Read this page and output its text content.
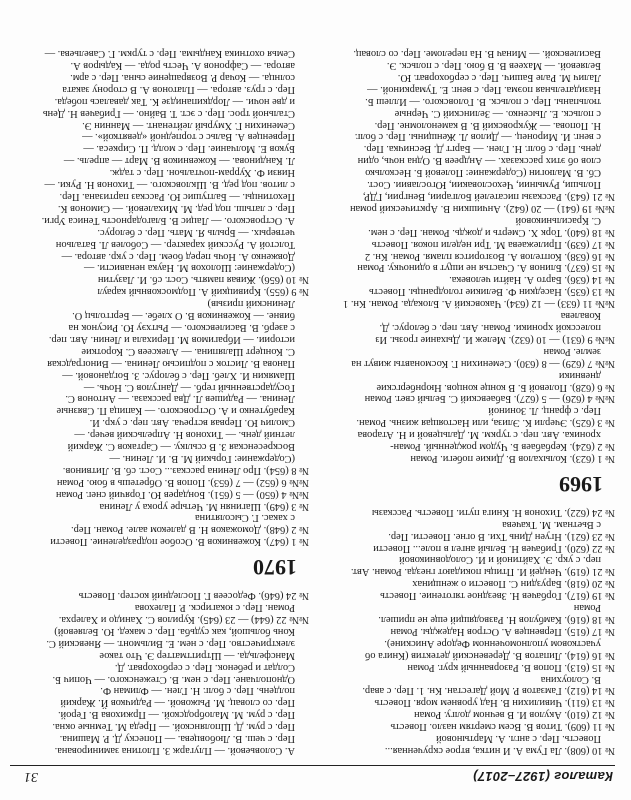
Каталог (1927–2017)
31
№ 10 (608). Ла Гума А. И нитка, втрое скрученная...
Повесть. Пер. с англ. А. Мартыновой
№ 11 (609). Титов В. Всем смертям назло. Повесть
№ 12 (610). Акулов И. В вечном долгу. Роман
№ 13 (611). Чивилихин В. Над уровнем моря. Повесть
№ 14 (612). Гамзатов Р. Мой Дагестан. Кн. 1. Пер. с авар.
В. Солоухина
№ 15 (613). Попов В. Разорванный круг. Роман
№ 16 (614). Липатов В. Деревенский детектив (Книга об
участковом уполномоченном Федоре Анискине).
№ 17 (615). Первенцев А. Остров Надежды. Роман
№ 18 (616). Камбулов Н. Разводящий еще не пришел.
Роман
№ 19 (617). Горбачев Н. Звездное тяготение. Повесть
№ 20 (618). Баруздин С. Повести о женщинах
№ 21 (619). Чендей И. Птицы покидают гнезда. Роман. Авт.
пер. с укр. Э. Хайтиной и И. Солодовниковой
№ 22 (620). Грибачев Н. Белый ангел в поле... Повести
№ 23 (621). Нгуен Динь Тхи. В огне. Повести. Пер.
с Вьетнам. М. Ткачева
№ 24 (622). Тихонов Н. Книга пути. Повесть. Рассказы
1969
№ 1 (623). Колыхалов В. Дикие побеги. Роман
№ 2 (624). Кербабаев Б. Чудом рожденный. Роман-
хроника. Авт. пер. с туркм. М. Дальцевой и Н. Атарова
№ 3 (625). Эчерли К. Элиза, или Настоящая жизнь. Роман.
Пер. с франц. Л. Зониной
№№ 4 (626) — 5 (627). Бабаевский С. Белый свет. Роман
№ 6 (628). Полевой Б. В конце концов. Нюрнбергские
дневники
№№ 7 (629) — 8 (630). Семенихин Г. Космонавты живут на
земле. Роман
№№ 9 (631) — 10 (632). Мележ И. Дыхание грозы. Из
полесской хроники. Роман. Авт. пер. с белорус. Д.
Ковалева
№№ 11 (633) — 12 (634). Чаковский А. Блокада. Роман. Кн. 1
№ 13 (635). Наседкин Ф. Великие голодранцы. Повесть
№ 14 (636). Барто А. Найти человека.
№ 15 (637). Блинов А. Счастья не ищут в одиночку. Роман
№ 16 (638). Коптелов А. Возгорится пламя. Роман. Кн. 2
№ 17 (639). Прилежаева М. Три недели покоя. Повесть
№ 18 (640). Торк Х. Смерть и дождь. Роман. Пер. с нем.
С. Красильниковой
№№ 19 (641) — 20 (642). Анчишкин В. Арктический роман
№ 21 (643). Рассказы писателей Болгарии, Венгрии, ГДР,
Польши, Румынии, Чехословакии, Югославии. Сост.
Сб. В. Малюгин (Содержание: Полевой Б. Несколько
слов об этих рассказах. — Андреев В. Одна ночь, один
день. Пер. с болг. Н. Глен. — Баргт Д. Весничка. Пер.
с венг. И. Миронец. — Дилов Л. Женщины. Пер. с болг.
Н. Попова. — Жукровский В. В каменоломне. Пер.
с польск. Е. Лысенко. — Зелинский С. Черные
тюльпаны. Пер. с польск. В. Головского. — Иллеш Б.
Назидательная поэма. Пер. с венг. Е. Тумаркиной. —
Лалич М. Рале Башич. Пер. с сербохорват. Ю.
Беляевой. — Махеев В. В бою. Пер. с польск. Э.
Василевской. — Минач В. На переломе. Пер. со словац.
А. Соловьевой. — Плугарж З. Плотина заминирована.
Пер. с чеш. В. Любовцева. — Попеску Д. Р. Машина.
Пер. с рум. Д. Шполянской. — Преда М. Темные окна.
Пер. с рум. М. Малобродской. — Пржихова В. Герой.
Пер. со словац. М. Рыжовой. — Радичков Й. Жаркий
полдень. Пер. с болг. Н. Глен. — Флиман Ф.
Однополчане. Пер. с нем. В. Стеженского. — Чопич Б.
Солдат и ребенок. Пер. с сербохорват. Д.
Мансфельда. — Штриттматтер Э. Что такое
электричество. Пер. с нем. Е. Вильмонт. — Яневский С.
Конь большой, как судьба. Пер. с макед. Ю. Беляевой)
№№ 22 (644) — 23 (645). Курилов С. Ханидо и Халерха.
Роман. Пер. с юкагирск. Р. Палехова
№ 24 (646). Федосеев Г. Последний костер. Повесть
1970
№ 1 (647). Кожевников В. Особое подразделение. Повести
№ 2 (648). Доможаков Н. В далеком аале. Роман. Пер.
с хакас. Г. Сысолятина
№ 3 (649). Шагинян М. Четыре урока у Ленина
№№ 4 (650) — 5 (651). Бондарев Ю. Горячий снег. Роман
№№ 6 (652) — 7 (653). Попов В. Обретешь в бою. Роман
№ 8 (654). Про Ленина рассказ... Сост. сб. В. Литвинов.
(Содержание: Горький М. В. И. Ленин. —
Воскресенская З. В ссылку. — Сартаков С. Жаркий
летний день. — Тихонов Н. Апрельский вечер. —
Смолич Ю. Первая встреча. Авт. пер. с укр. И.
Карабутенко и А. Островского. — Капица П. Связные
Ленина. — Радишев Л. Два рассказа. — Антонов С.
Государственный герб. — Дангулов С. Ночь. —
Шамякин И. Хлеб. Пер. с белорус. З. Богдановой. —
Панова В. Листок с подписью Ленина. — Виноградская
С. Концерт Шаляпина. — Алексеев С. Короткие
истории. — Ибрагимов М. Перихала и Ленин. Авт. пер.
с азерб. В. Василевского. — Рытхэу Ю. Рисунок на
бивне. — Кожевников В. О хлебе. — Берггольц О.
Ленинский призыв)
№ 9 (655). Кривицкий А. Подмосковный караул
№ 10 (656). Живая память. Сост. сб. И. Лазутин
(Содержание: Шолохов М. Наука ненависти. —
Довженко А. Ночь перед боем. Пер. с укр. автора. —
Толстой А. Русский характер. — Соболев Л. Батальон
четверых. — Брыль Я. Мать. Пер. с белорус.
А. Островского. — Лацис В. Благодарность Тениса Урги.
Пер. с латыш. под ред. М. Михалевой. — Симонов К.
Пехотинцы. — Балтушис Ю. Рассказ партизана. Пер.
с литов. под ред. В. Шкловского. — Тихонов Н. Руки. —
Ниязи Ф. Хуррам-почтальон. Пер. с тадж.
Л. Кандинова. — Кожевников В. Март — апрель. —
Буков Е. Молчание. Пер. с молд. П. Сиркеса. —
Первенцев А. Вальс с торпедной «девяткой». —
Семенихин Г. Хмурый лейтенант. — Маннин Э.
Стальной трос. Пер. с эст. Т. Вайно. — Грибачев Н. День
и две ночи. — Лордкипанидзе К. Так давалась победа.
Пер. с груз. автора. — Платонов А. В сторону заката
солнца. — Кочар Р. Возвращение сына. Пер. с арм.
автора. — Сафронов А. Честь рода. — Кадыров А.
Семья охотника Кандыма. Пер. с туркм. Г. Савельева. —
